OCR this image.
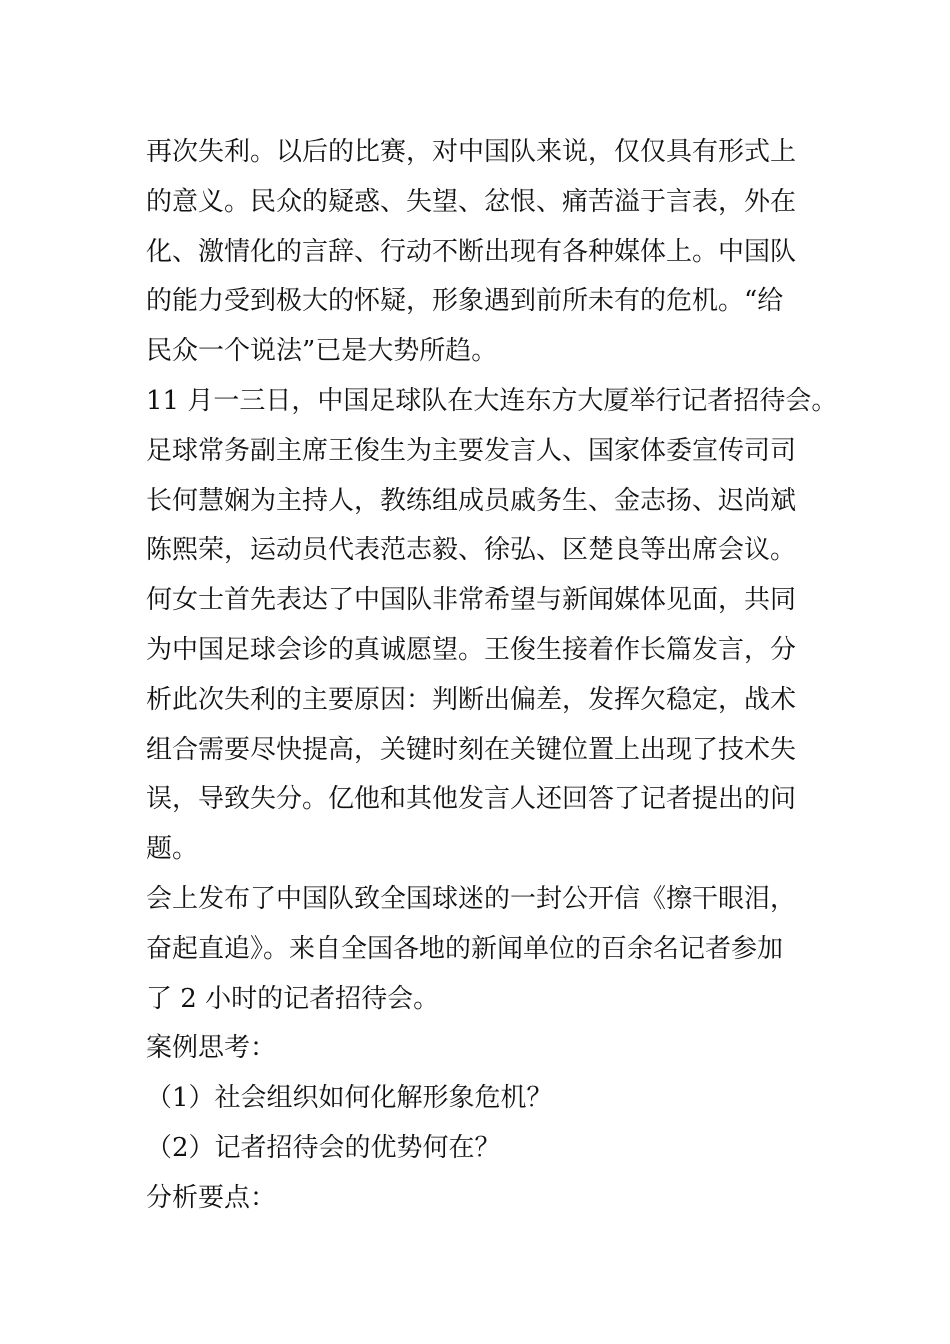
再次失利。以后的比赛，对中国队来说，仅仅具有形式上
的意义。民众的疑惑、失望、忿恨、痛苦溢于言表，外在
化、激情化的言辞、行动不断出现有各种媒体上。中国队
的能力受到极大的怀疑，形象遇到前所未有的危机。“给
民众一个说法”已是大势所趋。
11 月一三日，中国足球队在大连东方大厦举行记者招待会。
足球常务副主席王俊生为主要发言人、国家体委宣传司司
长何慧娴为主持人，教练组成员戚务生、金志扬、迟尚斌
陈熙荣，运动员代表范志毅、徐弘、区楚良等出席会议。
何女士首先表达了中国队非常希望与新闻媒体见面，共同
为中国足球会诊的真诚愿望。王俊生接着作长篇发言，分
析此次失利的主要原因：判断出偏差，发挥欠稳定，战术
组合需要尽快提高，关键时刻在关键位置上出现了技术失
误，导致失分。亿他和其他发言人还回答了记者提出的问
题。
会上发布了中国队致全国球迷的一封公开信《擦干眼泪，
奋起直追》。来自全国各地的新闻单位的百余名记者参加
了 2 小时的记者招待会。
案例思考：
（1）社会组织如何化解形象危机？
（2）记者招待会的优势何在？
分析要点：
